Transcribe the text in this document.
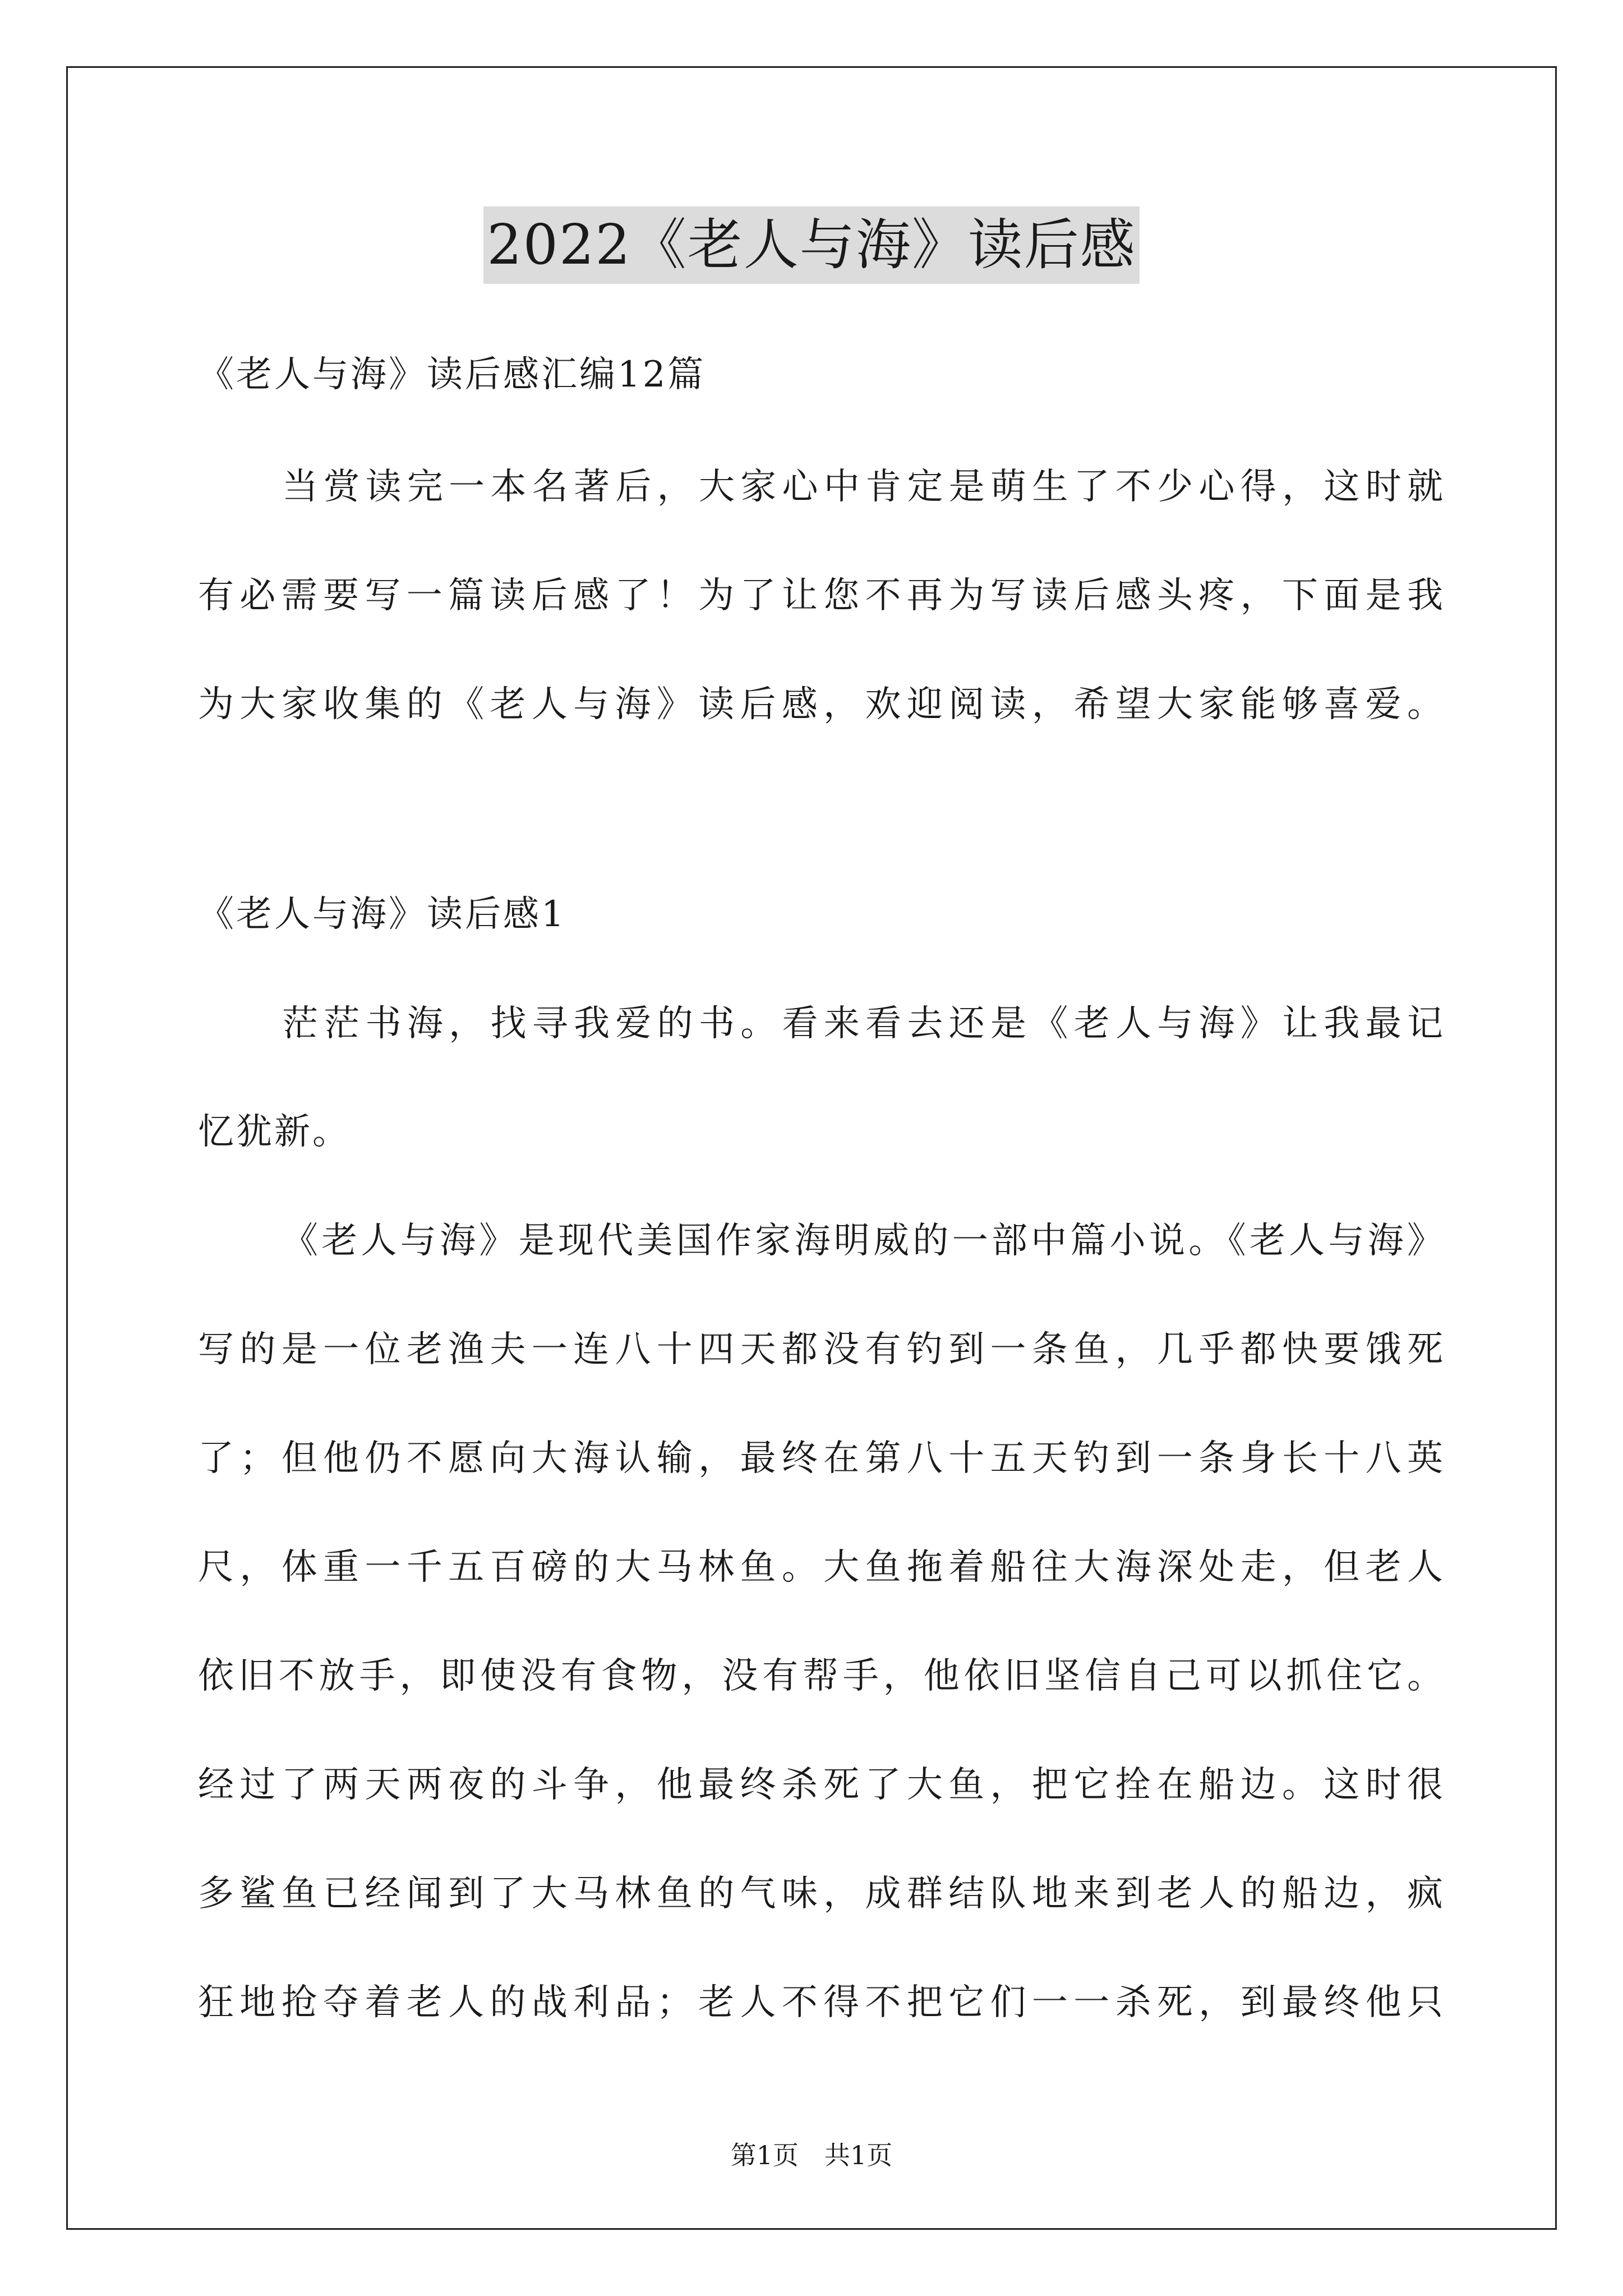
2022《老人与海》读后感
《老人与海》读后感汇编12篇
当赏读完一本名著后，大家心中肯定是萌生了不少心得，这时就
有必需要写一篇读后感了！为了让您不再为写读后感头疼，下面是我
为大家收集的《老人与海》读后感，欢迎阅读，希望大家能够喜爱。
《老人与海》读后感1
茫茫书海，找寻我爱的书。看来看去还是《老人与海》让我最记
忆犹新。
《老人与海》是现代美国作家海明威的一部中篇小说。《老人与海》
写的是一位老渔夫一连八十四天都没有钓到一条鱼，几乎都快要饿死
了；但他仍不愿向大海认输，最终在第八十五天钓到一条身长十八英
尺，体重一千五百磅的大马林鱼。大鱼拖着船往大海深处走，但老人
依旧不放手，即使没有食物，没有帮手，他依旧坚信自己可以抓住它。
经过了两天两夜的斗争，他最终杀死了大鱼，把它拴在船边。这时很
多鲨鱼已经闻到了大马林鱼的气味，成群结队地来到老人的船边，疯
狂地抢夺着老人的战利品；老人不得不把它们一一杀死，到最终他只
第1页　共1页
